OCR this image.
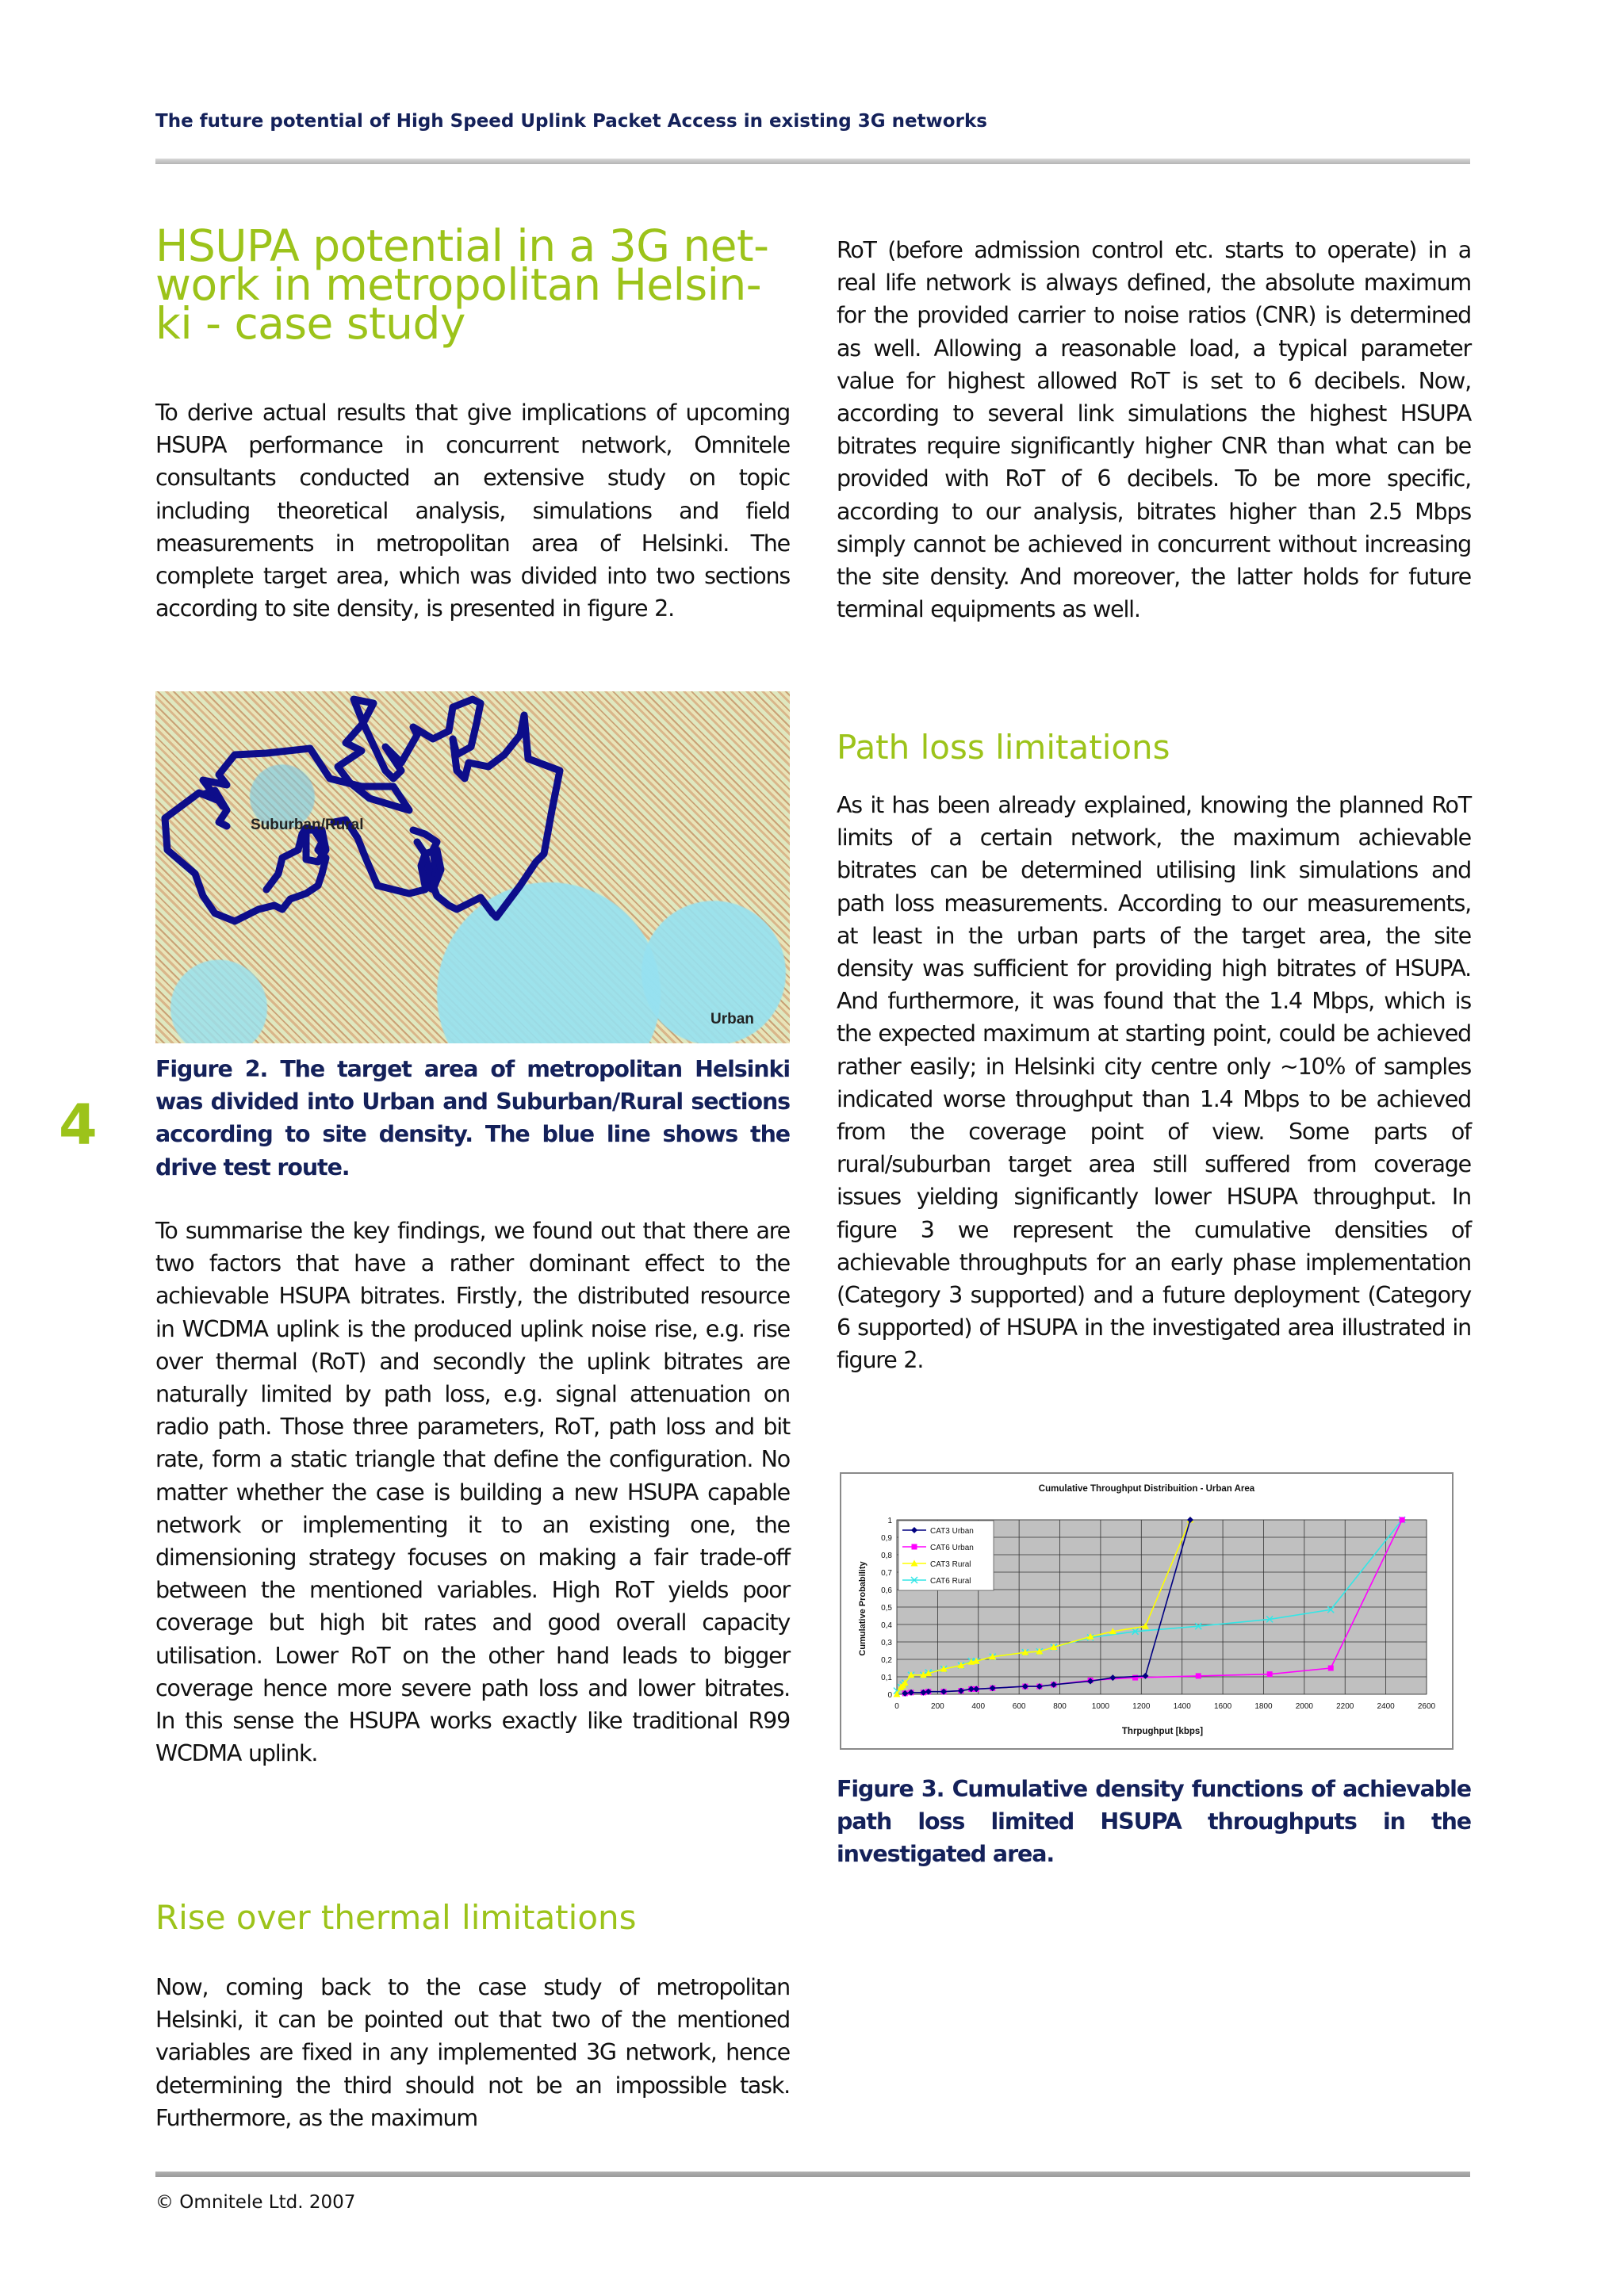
The future potential of High Speed Uplink Packet Access in existing 3G networks
4
HSUPA potential in a 3G net-
work in metropolitan Helsin-
ki - case study

To derive actual results that give implications of upcoming HSUPA performance in concurrent network, Omnitele consultants conducted an extensive study on topic including theoretical analysis, simulations and field measurements in metropolitan area of Helsinki. The complete target area, which was divided into two sections according to site density, is presented in figure 2.

Suburban/Rural
Urban

Figure 2. The target area of metropolitan Helsinki was divided into Urban and Suburban/Rural sections according to site density. The blue line shows the drive test route.

To summarise the key findings, we found out that there are two factors that have a rather dominant effect to the achievable HSUPA bitrates. Firstly, the distributed resource in WCDMA uplink is the produced uplink noise rise, e.g. rise over thermal (RoT) and secondly the uplink bitrates are naturally limited by path loss, e.g. signal attenuation on radio path. Those three parameters, RoT, path loss and bit rate, form a static triangle that define the configuration. No matter whether the case is building a new HSUPA capable network or implementing it to an existing one, the dimensioning strategy focuses on making a fair trade-off between the mentioned variables. High RoT yields poor coverage but high bit rates and good overall capacity utilisation. Lower RoT on the other hand leads to bigger coverage hence more severe path loss and lower bitrates. In this sense the HSUPA works exactly like traditional R99 WCDMA uplink.

Rise over thermal limitations

Now, coming back to the case study of metropolitan Helsinki, it can be pointed out that two of the mentioned variables are fixed in any implemented 3G network, hence determining the third should not be an impossible task. Furthermore, as the maximum

RoT (before admission control etc. starts to operate) in a real life network is always defined, the absolute maximum for the provided carrier to noise ratios (CNR) is determined as well. Allowing a reasonable load, a typical parameter value for highest allowed RoT is set to 6 decibels. Now, according to several link simulations the highest HSUPA bitrates require significantly higher CNR than what can be provided with RoT of 6 decibels. To be more specific, according to our analysis, bitrates higher than 2.5 Mbps simply cannot be achieved in concurrent without increasing the site density. And moreover, the latter holds for future terminal equipments as well.

Path loss limitations

As it has been already explained, knowing the planned RoT limits of a certain network, the maximum achievable bitrates can be determined utilising link simulations and path loss measurements. According to our measurements, at least in the urban parts of the target area, the site density was sufficient for providing high bitrates of HSUPA. And furthermore, it was found that the 1.4 Mbps, which is the expected maximum at starting point, could be achieved rather easily; in Helsinki city centre only ~10% of samples indicated worse throughput than 1.4 Mbps to be achieved from the coverage point of view. Some parts of rural/suburban target area still suffered from coverage issues yielding significantly lower HSUPA throughput. In figure 3 we represent the cumulative densities of achievable throughputs for an early phase implementation (Category 3 supported) and a future deployment (Category 6 supported) of HSUPA in the investigated area illustrated in figure 2.

Cumulative Throughput Distribuition - Urban Area
0
0,1
0,2
0,3
0,4
0,5
0,6
0,7
0,8
0,9
1
0	200	400	600	800	1000	1200	1400	1600	1800	2000	2200	2400	2600
Thrpughput [kbps]
Cumulative Probability
CAT3 Urban
CAT6 Urban
CAT3 Rural
CAT6 Rural

Figure 3. Cumulative density functions of achievable path loss limited HSUPA throughputs in the investigated area.

© Omnitele Ltd. 2007
